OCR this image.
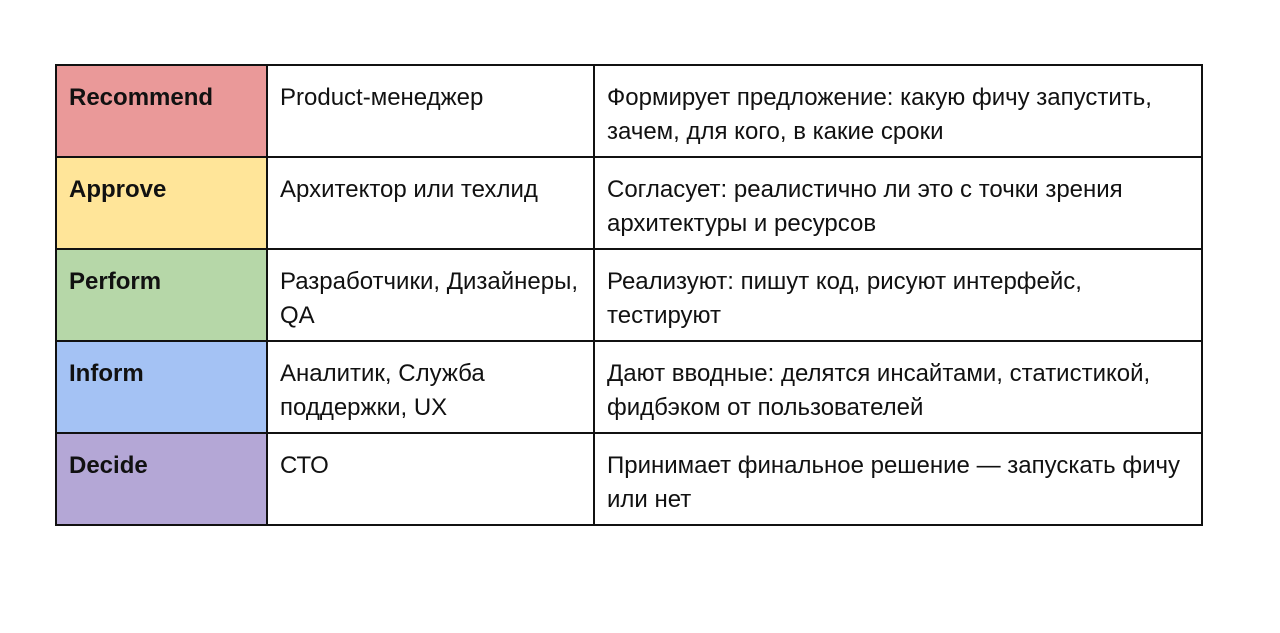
Recommend	Product-менеджер	Формирует предложение: какую фичу запустить, зачем, для кого, в какие сроки
Approve	Архитектор или техлид	Согласует: реалистично ли это с точки зрения архитектуры и ресурсов
Perform	Разработчики, Дизайнеры, QA	Реализуют: пишут код, рисуют интерфейс, тестируют
Inform	Аналитик, Служба поддержки, UX	Дают вводные: делятся инсайтами, статистикой, фидбэком от пользователей
Decide	СТО	Принимает финальное решение — запускать фичу или нет
